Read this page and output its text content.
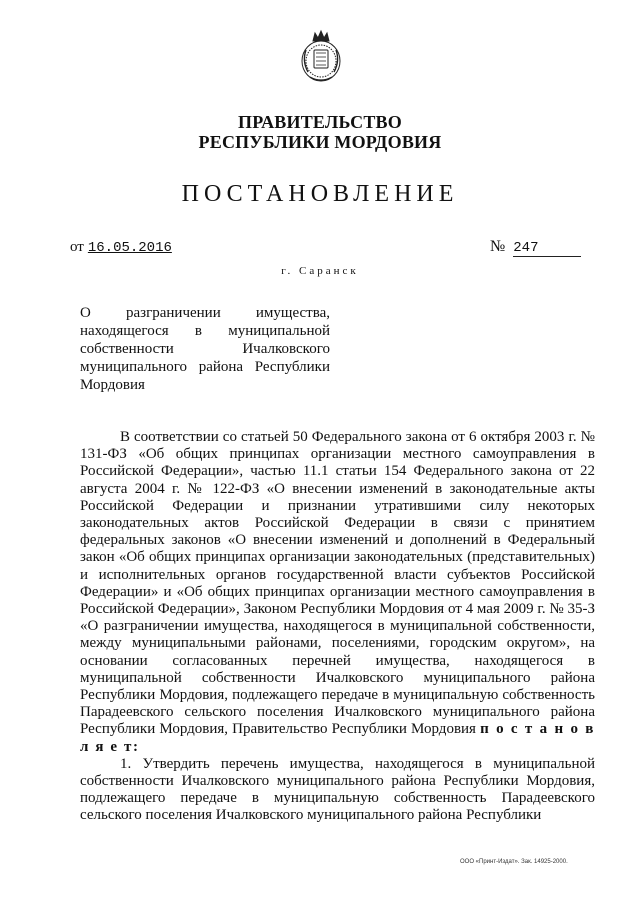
ПРАВИТЕЛЬСТВО
РЕСПУБЛИКИ МОРДОВИЯ
ПОСТАНОВЛЕНИЕ
от 16.05.2016	№ 247
г. Саранск
О разграничении имущества, находящегося в муниципальной собственности Ичалковского муниципального района Республики Мордовия

В соответствии со статьей 50 Федерального закона от 6 октября 2003 г. № 131-ФЗ «Об общих принципах организации местного самоуправления в Российской Федерации», частью 11.1 статьи 154 Федерального закона от 22 августа 2004 г. № 122-ФЗ «О внесении изменений в законодательные акты Российской Федерации и признании утратившими силу некоторых законодательных актов Российской Федерации в связи с принятием федеральных законов «О внесении изменений и дополнений в Федеральный закон «Об общих принципах организации законодательных (представительных) и исполнительных органов государственной власти субъектов Российской Федерации» и «Об общих принципах организации местного самоуправления в Российской Федерации», Законом Республики Мордовия от 4 мая 2009 г. № 35-З «О разграничении имущества, находящегося в муниципальной собственности, между муниципальными районами, поселениями, городским округом», на основании согласованных перечней имущества, находящегося в муниципальной собственности Ичалковского муниципального района Республики Мордовия, подлежащего передаче в муниципальную собственность Парадеевского сельского поселения Ичалковского муниципального района Республики Мордовия, Правительство Республики Мордовия п о с т а н о в л я е т:

1. Утвердить перечень имущества, находящегося в муниципальной собственности Ичалковского муниципального района Республики Мордовия, подлежащего передаче в муниципальную собственность Парадеевского сельского поселения Ичалковского муниципального района Республики

ООО «Принт-Издат». Зак. 14925-2000.
